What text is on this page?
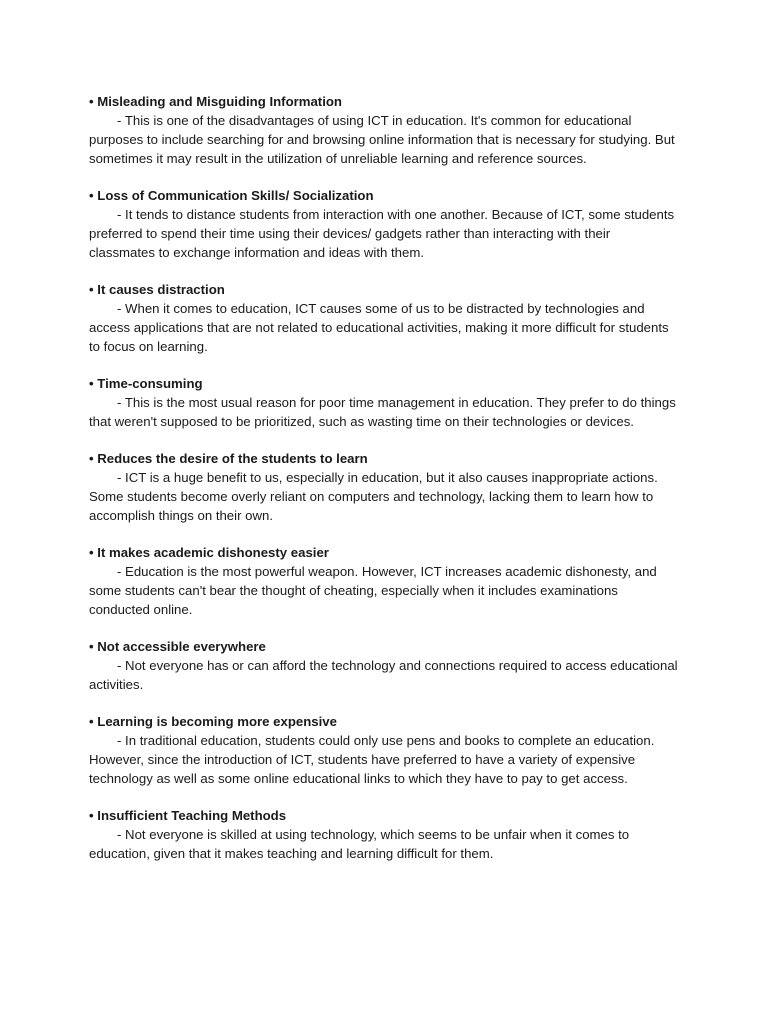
• Misleading and Misguiding Information

- This is one of the disadvantages of using ICT in education. It's common for educational purposes to include searching for and browsing online information that is necessary for studying. But sometimes it may result in the utilization of unreliable learning and reference sources.

• Loss of Communication Skills/ Socialization

- It tends to distance students from interaction with one another. Because of ICT, some students preferred to spend their time using their devices/ gadgets rather than interacting with their classmates to exchange information and ideas with them.

• It causes distraction

- When it comes to education, ICT causes some of us to be distracted by technologies and access applications that are not related to educational activities, making it more difficult for students to focus on learning.

• Time-consuming

- This is the most usual reason for poor time management in education. They prefer to do things that weren't supposed to be prioritized, such as wasting time on their technologies or devices.

• Reduces the desire of the students to learn

- ICT is a huge benefit to us, especially in education, but it also causes inappropriate actions. Some students become overly reliant on computers and technology, lacking them to learn how to accomplish things on their own.

• It makes academic dishonesty easier

- Education is the most powerful weapon. However, ICT increases academic dishonesty, and some students can't bear the thought of cheating, especially when it includes examinations conducted online.

• Not accessible everywhere

- Not everyone has or can afford the technology and connections required to access educational activities.

• Learning is becoming more expensive

- In traditional education, students could only use pens and books to complete an education. However, since the introduction of ICT, students have preferred to have a variety of expensive technology as well as some online educational links to which they have to pay to get access.

• Insufficient Teaching Methods

- Not everyone is skilled at using technology, which seems to be unfair when it comes to education, given that it makes teaching and learning difficult for them.
